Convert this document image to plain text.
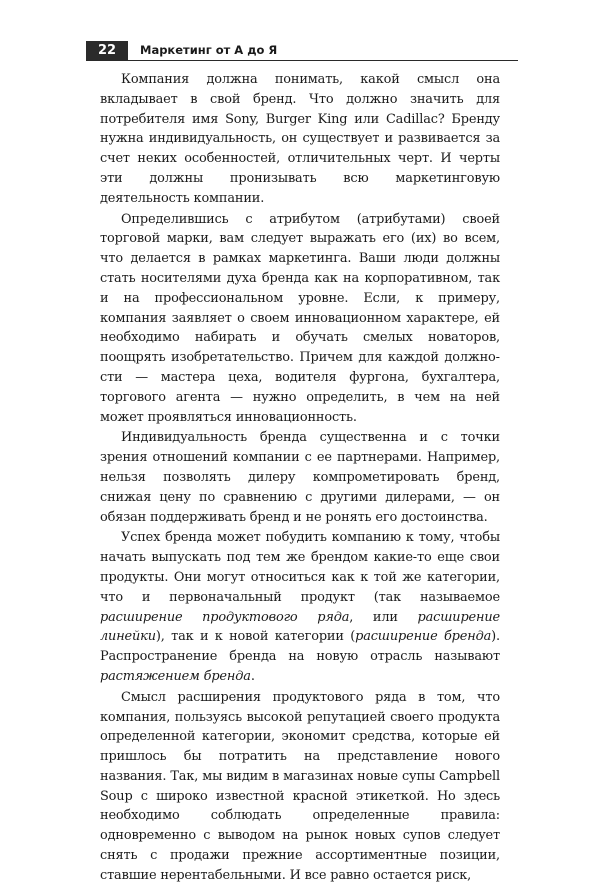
22	Маркетинг от А до Я

Компания должна понимать, какой смысл она вкладывает в свой бренд. Что должно значить для потребителя имя Sony, Burger King или Cadillac? Бренду нужна индивидуальность, он существует и развивается за счет неких особенностей, отличительных черт. И черты эти должны пронизывать всю маркетинговую деятельность компании.

Определившись с атрибутом (атрибутами) своей торговой марки, вам следует выражать его (их) во всем, что делается в рамках маркетинга. Ваши люди должны стать носителями духа бренда как на корпоративном, так и на профессиональном уровне. Если, к примеру, компания заявляет о своем инновационном характере, ей необходимо набирать и обучать смелых новаторов, поощрять изобретательство. Причем для каждой должности — мастера цеха, водителя фургона, бухгалтера, торгового агента — нужно определить, в чем на ней может проявляться инновационность.

Индивидуальность бренда существенна и с точки зрения отношений компании с ее партнерами. Например, нельзя позволять дилеру компрометировать бренд, снижая цену по сравнению с другими дилерами, — он обязан поддерживать бренд и не ронять его достоинства.

Успех бренда может побудить компанию к тому, чтобы начать выпускать под тем же брендом какие-то еще свои продукты. Они могут относиться как к той же категории, что и первоначальный продукт (так называемое расширение продуктового ряда, или расширение линейки), так и к новой категории (расширение бренда). Распространение бренда на новую отрасль называют растяжением бренда.

Смысл расширения продуктового ряда в том, что компания, пользуясь высокой репутацией своего продукта определенной категории, экономит средства, которые ей пришлось бы потратить на представление нового названия. Так, мы видим в магазинах новые супы Campbell Soup с широко известной красной этикеткой. Но здесь необходимо соблюдать определенные правила: одновременно с выводом на рынок новых супов следует снять с продажи прежние ассортиментные позиции, ставшие нерентабельными. И все равно остается риск,
